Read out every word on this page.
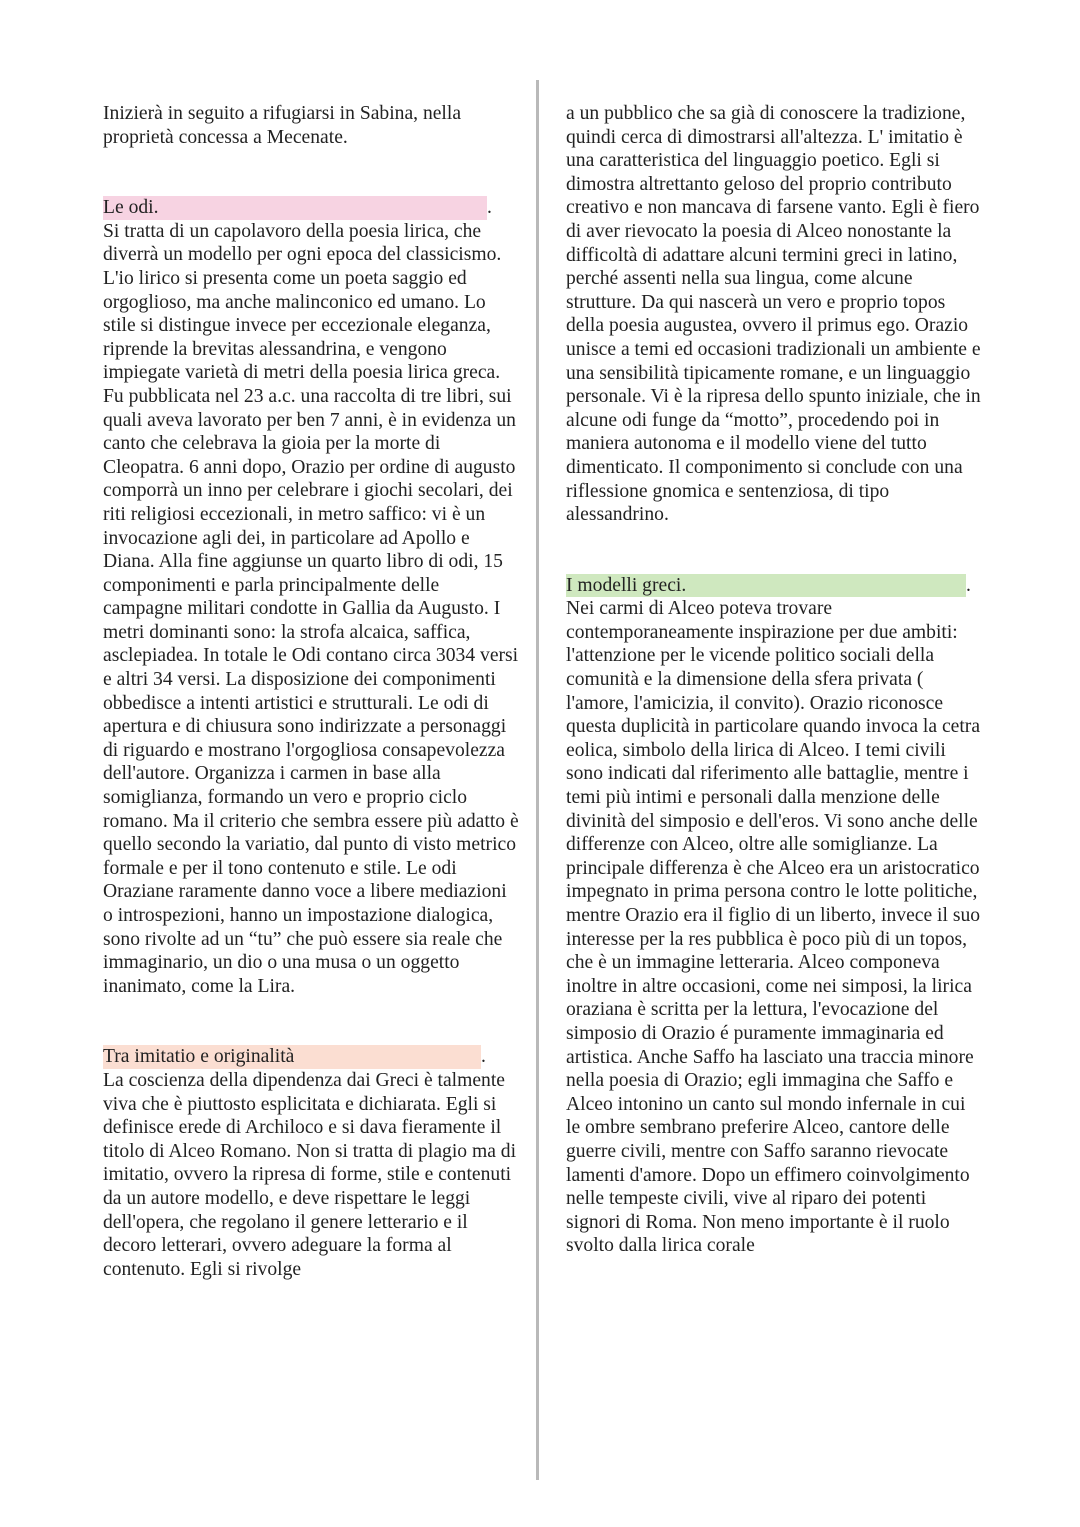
Inizierà in seguito a rifugiarsi in Sabina, nella proprietà concessa a Mecenate.

Le odi.	.

Si tratta di un capolavoro della poesia lirica, che diverrà un modello per ogni epoca del classicismo. L'io lirico si presenta come un poeta saggio ed orgoglioso, ma anche malinconico ed umano. Lo stile si distingue invece per eccezionale eleganza, riprende la brevitas alessandrina, e vengono impiegate varietà di metri della poesia lirica greca. Fu pubblicata nel 23 a.c. una raccolta di tre libri, sui quali aveva lavorato per ben 7 anni, è in evidenza un canto che celebrava la gioia per la morte di Cleopatra. 6 anni dopo, Orazio per ordine di augusto comporrà un inno per celebrare i giochi secolari, dei riti religiosi eccezionali, in metro saffico: vi è un invocazione agli dei, in particolare ad Apollo e Diana. Alla fine aggiunse un quarto libro di odi, 15 componimenti e parla principalmente delle campagne militari condotte in Gallia da Augusto. I metri dominanti sono: la strofa alcaica, saffica, asclepiadea. In totale le Odi contano circa 3034 versi e altri 34 versi. La disposizione dei componimenti obbedisce a intenti artistici e strutturali. Le odi di apertura e di chiusura sono indirizzate a personaggi di riguardo e mostrano l'orgogliosa consapevolezza dell'autore. Organizza i carmen in base alla somiglianza, formando un vero e proprio ciclo romano. Ma il criterio che sembra essere più adatto è quello secondo la variatio, dal punto di visto metrico formale e per il tono contenuto e stile. Le odi Oraziane raramente danno voce a libere mediazioni o introspezioni, hanno un impostazione dialogica, sono rivolte ad un “tu” che può essere sia reale che immaginario, un dio o una musa o un oggetto inanimato, come la Lira.

Tra imitatio e originalità	.

La coscienza della dipendenza dai Greci è talmente viva che è piuttosto esplicitata e dichiarata. Egli si definisce erede di Archiloco e si dava fieramente il titolo di Alceo Romano. Non si tratta di plagio ma di imitatio, ovvero la ripresa di forme, stile e contenuti da un autore modello, e deve rispettare le leggi dell'opera, che regolano il genere letterario e il decoro letterari, ovvero adeguare la forma al contenuto. Egli si rivolge

a un pubblico che sa già di conoscere la tradizione, quindi cerca di dimostrarsi all'altezza. L' imitatio è una caratteristica del linguaggio poetico. Egli si dimostra altrettanto geloso del proprio contributo creativo e non mancava di farsene vanto. Egli è fiero di aver rievocato la poesia di Alceo nonostante la difficoltà di adattare alcuni termini greci in latino, perché assenti nella sua lingua, come alcune strutture. Da qui nascerà un vero e proprio topos della poesia augustea, ovvero il primus ego. Orazio unisce a temi ed occasioni tradizionali un ambiente e una sensibilità tipicamente romane, e un linguaggio personale. Vi è la ripresa dello spunto iniziale, che in alcune odi funge da “motto”, procedendo poi in maniera autonoma e il modello viene del tutto dimenticato. Il componimento si conclude con una riflessione gnomica e sentenziosa, di tipo alessandrino.

I modelli greci.	.

Nei carmi di Alceo poteva trovare contemporaneamente inspirazione per due ambiti: l'attenzione per le vicende politico sociali della comunità e la dimensione della sfera privata ( l'amore, l'amicizia, il convito). Orazio riconosce questa duplicità in particolare quando invoca la cetra eolica, simbolo della lirica di Alceo. I temi civili sono indicati dal riferimento alle battaglie, mentre i temi più intimi e personali dalla menzione delle divinità del simposio e dell'eros. Vi sono anche delle differenze con Alceo, oltre alle somiglianze. La principale differenza è che Alceo era un aristocratico impegnato in prima persona contro le lotte politiche, mentre Orazio era il figlio di un liberto, invece il suo interesse per la res pubblica è poco più di un topos, che è un immagine letteraria. Alceo componeva inoltre in altre occasioni, come nei simposi, la lirica oraziana è scritta per la lettura, l'evocazione del simposio di Orazio é puramente immaginaria ed artistica. Anche Saffo ha lasciato una traccia minore nella poesia di Orazio; egli immagina che Saffo e Alceo intonino un canto sul mondo infernale in cui le ombre sembrano preferire Alceo, cantore delle guerre civili, mentre con Saffo saranno rievocate lamenti d'amore. Dopo un effimero coinvolgimento nelle tempeste civili, vive al riparo dei potenti signori di Roma. Non meno importante è il ruolo svolto dalla lirica corale
